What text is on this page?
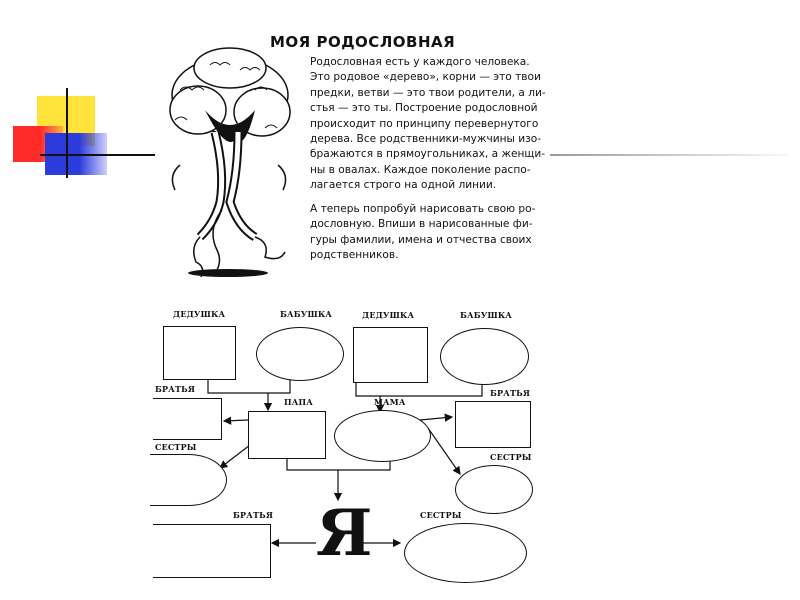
МОЯ РОДОСЛОВНАЯ
Родословная есть у каждого человека.
Это родовое «дерево», корни — это твои
предки, ветви — это твои родители, а ли-
стья — это ты. Построение родословной
происходит по принципу перевернутого
дерева. Все родственники-мужчины изо-
бражаются в прямоугольниках, а женщи-
ны в овалах. Каждое поколение распо-
лагается строго на одной линии.
А теперь попробуй нарисовать свою ро-
дословную. Впиши в нарисованные фи-
гуры фамилии, имена и отчества своих
родственников.
ДЕДУШКА	БАБУШКА	ДЕДУШКА	БАБУШКА
БРАТЬЯ
ПАПА	МАМА
БРАТЬЯ
СЕСТРЫ
СЕСТРЫ
БРАТЬЯ Я	СЕСТРЫ
